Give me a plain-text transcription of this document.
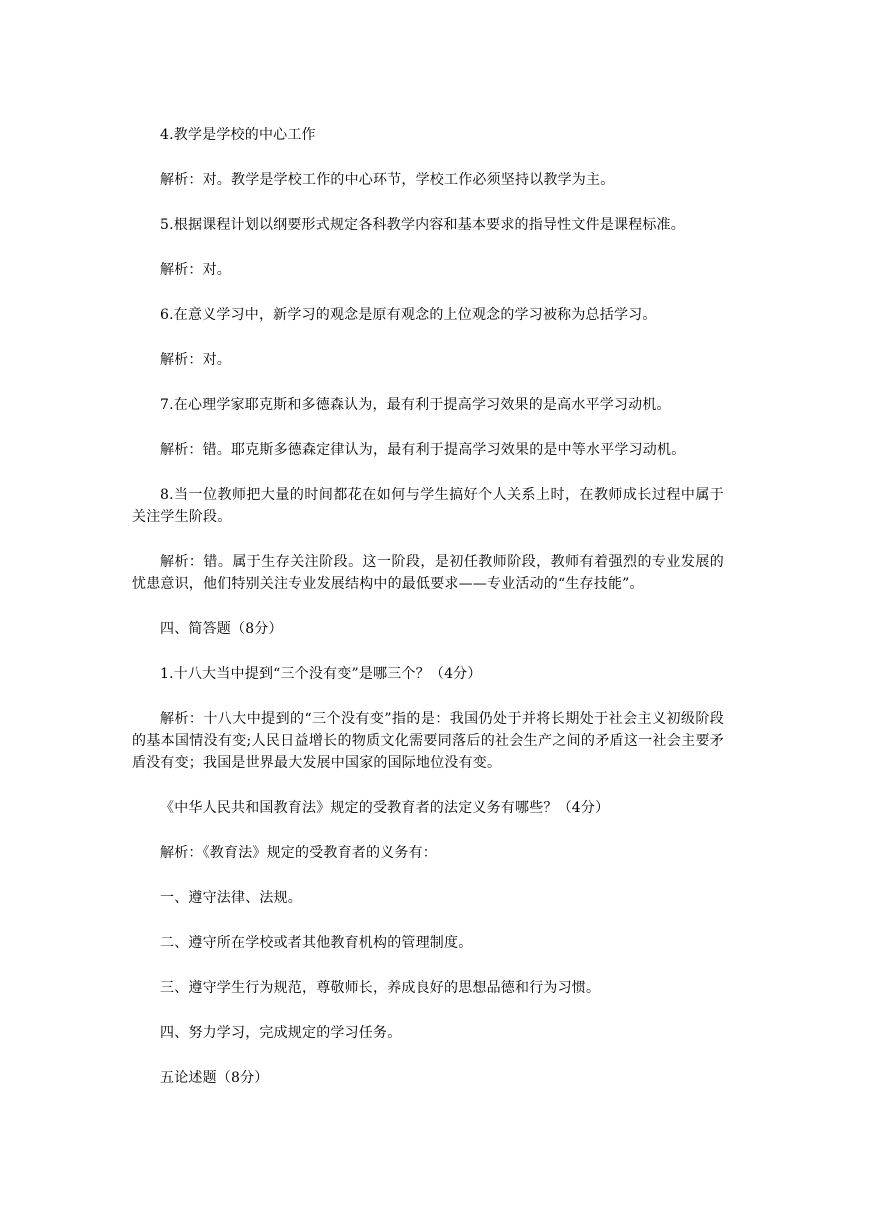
4.教学是学校的中心工作

解析：对。教学是学校工作的中心环节，学校工作必须坚持以教学为主。

5.根据课程计划以纲要形式规定各科教学内容和基本要求的指导性文件是课程标准。

解析：对。

6.在意义学习中，新学习的观念是原有观念的上位观念的学习被称为总括学习。

解析：对。

7.在心理学家耶克斯和多德森认为，最有利于提高学习效果的是高水平学习动机。

解析：错。耶克斯多德森定律认为，最有利于提高学习效果的是中等水平学习动机。

8.当一位教师把大量的时间都花在如何与学生搞好个人关系上时，在教师成长过程中属于关注学生阶段。

解析：错。属于生存关注阶段。这一阶段，是初任教师阶段，教师有着强烈的专业发展的忧患意识，他们特别关注专业发展结构中的最低要求——专业活动的“生存技能”。

四、简答题（8分）

1.十八大当中提到“三个没有变”是哪三个？（4分）

解析：十八大中提到的“三个没有变”指的是：我国仍处于并将长期处于社会主义初级阶段的基本国情没有变;人民日益增长的物质文化需要同落后的社会生产之间的矛盾这一社会主要矛盾没有变；我国是世界最大发展中国家的国际地位没有变。

《中华人民共和国教育法》规定的受教育者的法定义务有哪些？（4分）

解析：《教育法》规定的受教育者的义务有：

一、遵守法律、法规。

二、遵守所在学校或者其他教育机构的管理制度。

三、遵守学生行为规范，尊敬师长，养成良好的思想品德和行为习惯。

四、努力学习，完成规定的学习任务。

五论述题（8分）
